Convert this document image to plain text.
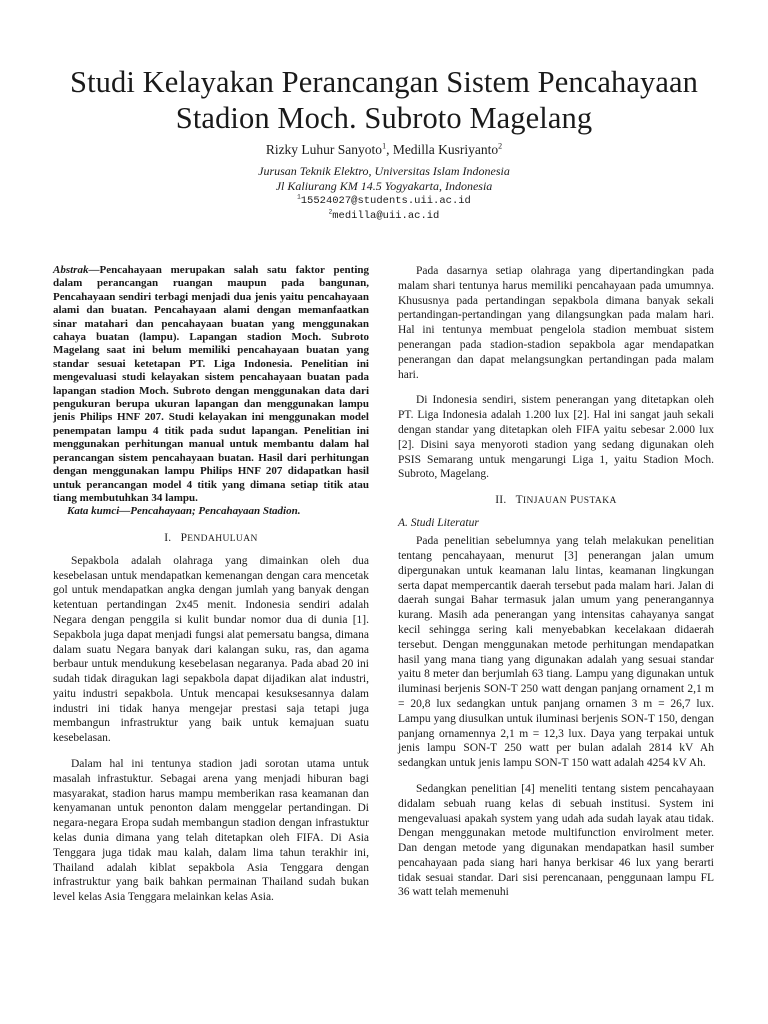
Studi Kelayakan Perancangan Sistem Pencahayaan
Stadion Moch. Subroto Magelang
Rizky Luhur Sanyoto$^1$, Medilla Kusriyanto$^2$
Jurusan Teknik Elektro, Universitas Islam Indonesia
Jl Kaliurang KM 14.5 Yogyakarta, Indonesia
$^1$15524027@students.uii.ac.id
$^2$medilla@uii.ac.id

Abstrak—Pencahayaan merupakan salah satu faktor penting dalam perancangan ruangan maupun pada bangunan, Pencahayaan sendiri terbagi menjadi dua jenis yaitu pencahayaan alami dan buatan. Pencahayaan alami dengan memanfaatkan sinar matahari dan pencahayaan buatan yang menggunakan cahaya buatan (lampu). Lapangan stadion Moch. Subroto Magelang saat ini belum memiliki pencahayaan buatan yang standar sesuai ketetapan PT. Liga Indonesia. Penelitian ini mengevaluasi studi kelayakan sistem pencahayaan buatan pada lapangan stadion Moch. Subroto dengan menggunakan data dari pengukuran berupa ukuran lapangan dan menggunakan lampu jenis Philips HNF 207. Studi kelayakan ini menggunakan model penempatan lampu 4 titik pada sudut lapangan. Penelitian ini menggunakan perhitungan manual untuk membantu dalam hal perancangan sistem pencahayaan buatan. Hasil dari perhitungan dengan menggunakan lampu Philips HNF 207 didapatkan hasil untuk perancangan model 4 titik yang dimana setiap titik atau tiang membutuhkan 34 lampu.

Kata kumci—Pencahayaan; Pencahayaan Stadion.

I. PENDAHULUAN

Sepakbola adalah olahraga yang dimainkan oleh dua kesebelasan untuk mendapatkan kemenangan dengan cara mencetak gol untuk mendapatkan angka dengan jumlah yang banyak dengan ketentuan pertandingan 2x45 menit. Indonesia sendiri adalah Negara dengan penggila si kulit bundar nomor dua di dunia [1]. Sepakbola juga dapat menjadi fungsi alat pemersatu bangsa, dimana dalam suatu Negara banyak dari kalangan suku, ras, dan agama berbaur untuk mendukung kesebelasan negaranya. Pada abad 20 ini sudah tidak diragukan lagi sepakbola dapat dijadikan alat industri, yaitu industri sepakbola. Untuk mencapai kesuksesannya dalam industri ini tidak hanya mengejar prestasi saja tetapi juga membangun infrastruktur yang baik untuk kemajuan suatu kesebelasan.

Dalam hal ini tentunya stadion jadi sorotan utama untuk masalah infrastuktur. Sebagai arena yang menjadi hiburan bagi masyarakat, stadion harus mampu memberikan rasa keamanan dan kenyamanan untuk penonton dalam menggelar pertandingan. Di negara-negara Eropa sudah membangun stadion dengan infrastuktur kelas dunia dimana yang telah ditetapkan oleh FIFA. Di Asia Tenggara juga tidak mau kalah, dalam lima tahun terakhir ini, Thailand adalah kiblat sepakbola Asia Tenggara dengan infrastruktur yang baik bahkan permainan Thailand sudah bukan level kelas Asia Tenggara melainkan kelas Asia.

Pada dasarnya setiap olahraga yang dipertandingkan pada malam shari tentunya harus memiliki pencahayaan pada umumnya. Khususnya pada pertandingan sepakbola dimana banyak sekali pertandingan-pertandingan yang dilangsungkan pada malam hari. Hal ini tentunya membuat pengelola stadion membuat sistem penerangan pada stadion-stadion sepakbola agar mendapatkan penerangan dan dapat melangsungkan pertandingan pada malam hari.

Di Indonesia sendiri, sistem penerangan yang ditetapkan oleh PT. Liga Indonesia adalah 1.200 lux [2]. Hal ini sangat jauh sekali dengan standar yang ditetapkan oleh FIFA yaitu sebesar 2.000 lux [2]. Disini saya menyoroti stadion yang sedang digunakan oleh PSIS Semarang untuk mengarungi Liga 1, yaitu Stadion Moch. Subroto, Magelang.

II. TINJAUAN PUSTAKA
A. Studi Literatur

Pada penelitian sebelumnya yang telah melakukan penelitian tentang pencahayaan, menurut [3] penerangan jalan umum dipergunakan untuk keamanan lalu lintas, keamanan lingkungan serta dapat mempercantik daerah tersebut pada malam hari. Jalan di daerah sungai Bahar termasuk jalan umum yang penerangannya kurang. Masih ada penerangan yang intensitas cahayanya sangat kecil sehingga sering kali menyebabkan kecelakaan didaerah tersebut. Dengan menggunakan metode perhitungan mendapatkan hasil yang mana tiang yang digunakan adalah yang sesuai standar yaitu 8 meter dan berjumlah 63 tiang. Lampu yang digunakan untuk iluminasi berjenis SON-T 250 watt dengan panjang ornament 2,1 m = 20,8 lux sedangkan untuk panjang ornamen 3 m = 26,7 lux. Lampu yang diusulkan untuk iluminasi berjenis SON-T 150, dengan panjang ornamennya 2,1 m = 12,3 lux. Daya yang terpakai untuk jenis lampu SON-T 250 watt per bulan adalah 2814 kV Ah sedangkan untuk jenis lampu SON-T 150 watt adalah 4254 kV Ah.

Sedangkan penelitian [4] meneliti tentang sistem pencahayaan didalam sebuah ruang kelas di sebuah institusi. System ini mengevaluasi apakah system yang udah ada sudah layak atau tidak. Dengan menggunakan metode multifunction envirolment meter. Dan dengan metode yang digunakan mendapatkan hasil sumber pencahayaan pada siang hari hanya berkisar 46 lux yang berarti tidak sesuai standar. Dari sisi perencanaan, penggunaan lampu FL 36 watt telah memenuhi
